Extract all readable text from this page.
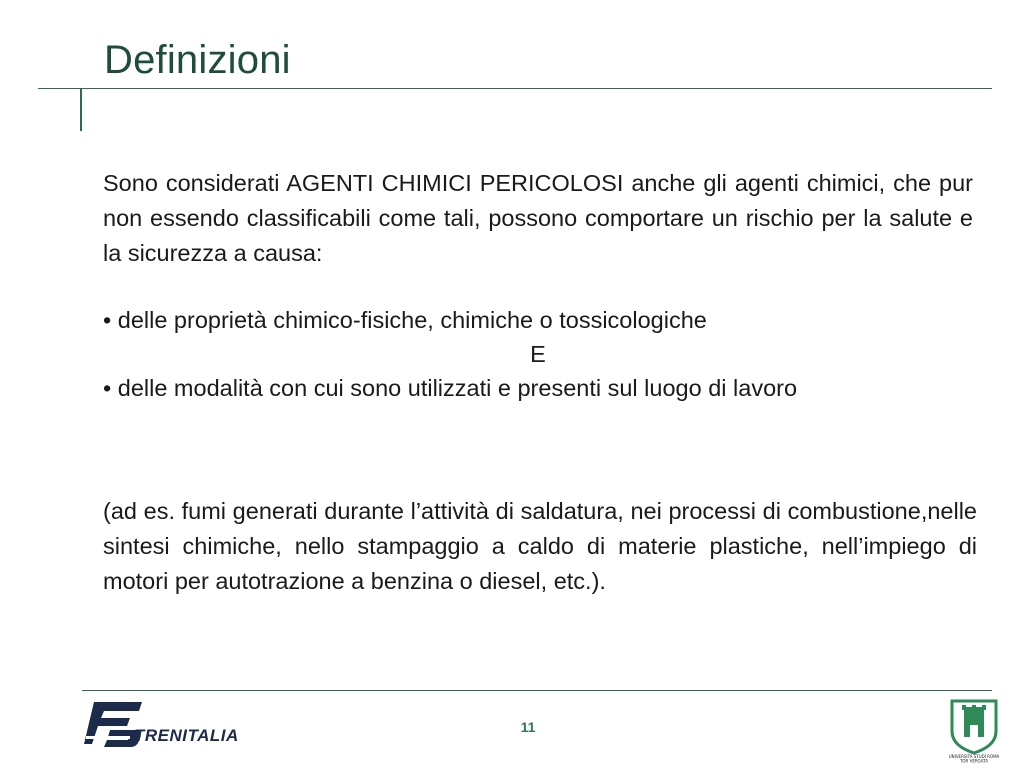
Definizioni
Sono considerati AGENTI CHIMICI PERICOLOSI anche gli agenti chimici, che pur non essendo classificabili come tali, possono comportare un rischio per la salute e la sicurezza a causa:
• delle proprietà chimico-fisiche, chimiche o tossicologiche
E
• delle modalità con cui sono utilizzati e presenti sul luogo di lavoro
(ad es. fumi generati durante l’attività di saldatura, nei processi di combustione,nelle sintesi chimiche, nello stampaggio a caldo di materie plastiche, nell’impiego di motori per autotrazione a benzina o diesel, etc.).
TRENITALIA	11
UNIVERSITÀ STUDI ROMA
TOR VERGATA
